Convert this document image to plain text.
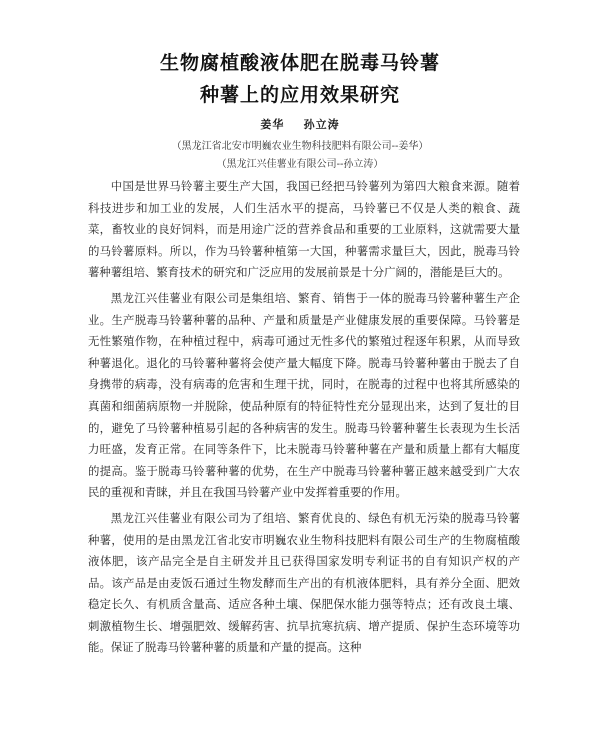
生物腐植酸液体肥在脱毒马铃薯
种薯上的应用效果研究
姜华    孙立涛
（黑龙江省北安市明巍农业生物科技肥料有限公司--姜华）
（黑龙江兴佳薯业有限公司--孙立涛）

中国是世界马铃薯主要生产大国，我国已经把马铃薯列为第四大粮食来源。随着科技进步和加工业的发展，人们生活水平的提高，马铃薯已不仅是人类的粮食、蔬菜，畜牧业的良好饲料，而是用途广泛的营养食品和重要的工业原料，这就需要大量的马铃薯原料。所以，作为马铃薯种植第一大国，种薯需求量巨大，因此，脱毒马铃薯种薯组培、繁育技术的研究和广泛应用的发展前景是十分广阔的，潜能是巨大的。

黑龙江兴佳薯业有限公司是集组培、繁育、销售于一体的脱毒马铃薯种薯生产企业。生产脱毒马铃薯种薯的品种、产量和质量是产业健康发展的重要保障。马铃薯是无性繁殖作物，在种植过程中，病毒可通过无性多代的繁殖过程逐年积累，从而导致种薯退化。退化的马铃薯种薯将会使产量大幅度下降。脱毒马铃薯种薯由于脱去了自身携带的病毒，没有病毒的危害和生理干扰，同时，在脱毒的过程中也将其所感染的真菌和细菌病原物一并脱除，使品种原有的特征特性充分显现出来，达到了复壮的目的，避免了马铃薯种植易引起的各种病害的发生。脱毒马铃薯种薯生长表现为生长活力旺盛，发育正常。在同等条件下，比未脱毒马铃薯种薯在产量和质量上都有大幅度的提高。鉴于脱毒马铃薯种薯的优势，在生产中脱毒马铃薯种薯正越来越受到广大农民的重视和青睐，并且在我国马铃薯产业中发挥着重要的作用。

黑龙江兴佳薯业有限公司为了组培、繁育优良的、绿色有机无污染的脱毒马铃薯种薯，使用的是由黑龙江省北安市明巍农业生物科技肥料有限公司生产的生物腐植酸液体肥，该产品完全是自主研发并且已获得国家发明专利证书的自有知识产权的产品。该产品是由麦饭石通过生物发酵而生产出的有机液体肥料，具有养分全面、肥效稳定长久、有机质含量高、适应各种土壤、保肥保水能力强等特点；还有改良土壤、刺激植物生长、增强肥效、缓解药害、抗旱抗寒抗病、增产提质、保护生态环境等功能。保证了脱毒马铃薯种薯的质量和产量的提高。这种
